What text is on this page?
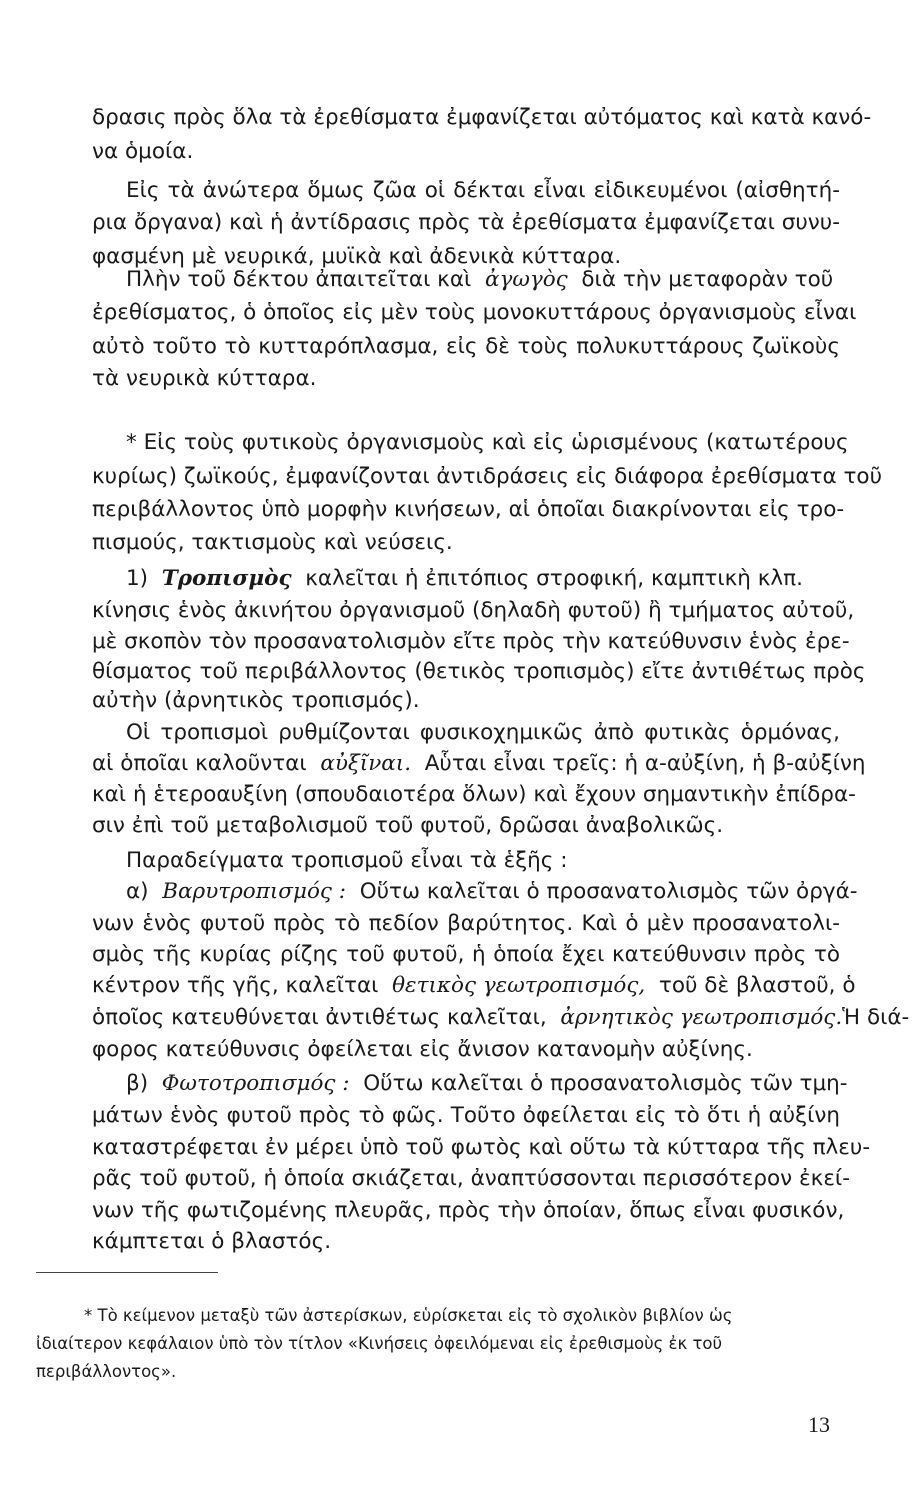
δρασις πρὸς ὅλα τὰ ἐρεθίσματα ἐμφανίζεται αὐτόματος καὶ κατὰ κανό-
να ὁμοία.
Εἰς τὰ ἀνώτερα ὅμως ζῶα οἱ δέκται εἶναι εἰδικευμένοι (αἰσθητή-
ρια ὄργανα) καὶ ἡ ἀντίδρασις πρὸς τὰ ἐρεθίσματα ἐμφανίζεται συνυ-
φασμένη μὲ νευρικά, μυϊκὰ καὶ ἀδενικὰ κύτταρα.
Πλὴν τοῦ δέκτου ἀπαιτεῖται καὶ ἀγωγὸς διὰ τὴν μεταφορὰν τοῦ
ἐρεθίσματος, ὁ ὁποῖος εἰς μὲν τοὺς μονοκυττάρους ὀργανισμοὺς εἶναι
αὐτὸ τοῦτο τὸ κυτταρόπλασμα, εἰς δὲ τοὺς πολυκυττάρους ζωϊκοὺς
τὰ νευρικὰ κύτταρα.
* Εἰς τοὺς φυτικοὺς ὀργανισμοὺς καὶ εἰς ὡρισμένους (κατωτέρους
κυρίως) ζωϊκούς, ἐμφανίζονται ἀντιδράσεις εἰς διάφορα ἐρεθίσματα τοῦ
περιβάλλοντος ὑπὸ μορφὴν κινήσεων, αἱ ὁποῖαι διακρίνονται εἰς τρο-
πισμούς, τακτισμοὺς καὶ νεύσεις.
1) Τροπισμὸς καλεῖται ἡ ἐπιτόπιος στροφική, καμπτικὴ κλπ.
κίνησις ἑνὸς ἀκινήτου ὀργανισμοῦ (δηλαδὴ φυτοῦ) ἢ τμήματος αὐτοῦ,
μὲ σκοπὸν τὸν προσανατολισμὸν εἴτε πρὸς τὴν κατεύθυνσιν ἑνὸς ἐρε-
θίσματος τοῦ περιβάλλοντος (θετικὸς τροπισμὸς) εἴτε ἀντιθέτως πρὸς
αὐτὴν (ἀρνητικὸς τροπισμός).
Οἱ τροπισμοὶ ρυθμίζονται φυσικοχημικῶς ἀπὸ φυτικὰς ὁρμόνας,
αἱ ὁποῖαι καλοῦνται αὐξῖναι. Αὗται εἶναι τρεῖς: ἡ α-αὐξίνη, ἡ β-αὐξίνη
καὶ ἡ ἑτεροαυξίνη (σπουδαιοτέρα ὅλων) καὶ ἔχουν σημαντικὴν ἐπίδρα-
σιν ἐπὶ τοῦ μεταβολισμοῦ τοῦ φυτοῦ, δρῶσαι ἀναβολικῶς.
Παραδείγματα τροπισμοῦ εἶναι τὰ ἑξῆς :
α) Βαρυτροπισμός : Οὕτω καλεῖται ὁ προσανατολισμὸς τῶν ὀργά-
νων ἑνὸς φυτοῦ πρὸς τὸ πεδίον βαρύτητος. Καὶ ὁ μὲν προσανατολι-
σμὸς τῆς κυρίας ρίζης τοῦ φυτοῦ, ἡ ὁποία ἔχει κατεύθυνσιν πρὸς τὸ
κέντρον τῆς γῆς, καλεῖται θετικὸς γεωτροπισμός, τοῦ δὲ βλαστοῦ, ὁ
ὁποῖος κατευθύνεται ἀντιθέτως καλεῖται, ἀρνητικὸς γεωτροπισμός.Ἡ διά-
φορος κατεύθυνσις ὀφείλεται εἰς ἄνισον κατανομὴν αὐξίνης.
β) Φωτοτροπισμός : Οὕτω καλεῖται ὁ προσανατολισμὸς τῶν τμη-
μάτων ἑνὸς φυτοῦ πρὸς τὸ φῶς. Τοῦτο ὀφείλεται εἰς τὸ ὅτι ἡ αὐξίνη
καταστρέφεται ἐν μέρει ὑπὸ τοῦ φωτὸς καὶ οὕτω τὰ κύτταρα τῆς πλευ-
ρᾶς τοῦ φυτοῦ, ἡ ὁποία σκιάζεται, ἀναπτύσσονται περισσότερον ἐκεί-
νων τῆς φωτιζομένης πλευρᾶς, πρὸς τὴν ὁποίαν, ὅπως εἶναι φυσικόν,
κάμπτεται ὁ βλαστός.
* Τὸ κείμενον μεταξὺ τῶν ἀστερίσκων, εὑρίσκεται εἰς τὸ σχολικὸν βιβλίον ὡς
ἰδιαίτερον κεφάλαιον ὑπὸ τὸν τίτλον «Κινήσεις ὀφειλόμεναι εἰς ἐρεθισμοὺς ἐκ τοῦ
περιβάλλοντος».
13
